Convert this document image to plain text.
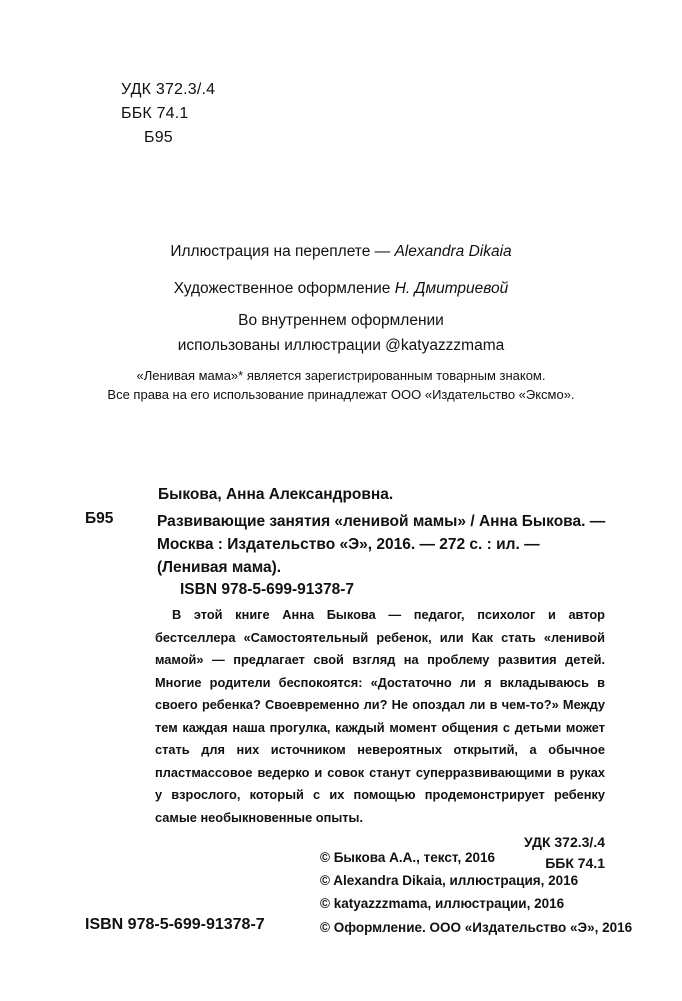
УДК 372.3/.4
ББК 74.1
Б95
Иллюстрация на переплете — Alexandra Dikaia
Художественное оформление Н. Дмитриевой
Во внутреннем оформлении
использованы иллюстрации @katyazzzmama
«Ленивая мама»* является зарегистрированным товарным знаком.
Все права на его использование принадлежат ООО «Издательство «Эксмо».
Быкова, Анна Александровна.
Б95	Развивающие занятия «ленивой мамы» / Анна Быкова. — Москва : Издательство «Э», 2016. — 272 с. : ил. — (Ленивая мама).
ISBN 978-5-699-91378-7
В этой книге Анна Быкова — педагог, психолог и автор бестселлера «Самостоятельный ребенок, или Как стать «ленивой мамой» — предлагает свой взгляд на проблему развития детей. Многие родители беспокоятся: «Достаточно ли я вкладываюсь в своего ребенка? Своевременно ли? Не опоздал ли в чем-то?» Между тем каждая наша прогулка, каждый момент общения с детьми может стать для них источником невероятных открытий, а обычное пластмассовое ведерко и совок станут суперразвивающими в руках у взрослого, который с их помощью продемонстрирует ребенку самые необыкновенные опыты.
УДК 372.3/.4
ББК 74.1
© Быкова А.А., текст, 2016
© Alexandra Dikaia, иллюстрация, 2016
© katyazzzmama, иллюстрации, 2016
© Оформление. ООО «Издательство «Э», 2016
ISBN 978-5-699-91378-7
